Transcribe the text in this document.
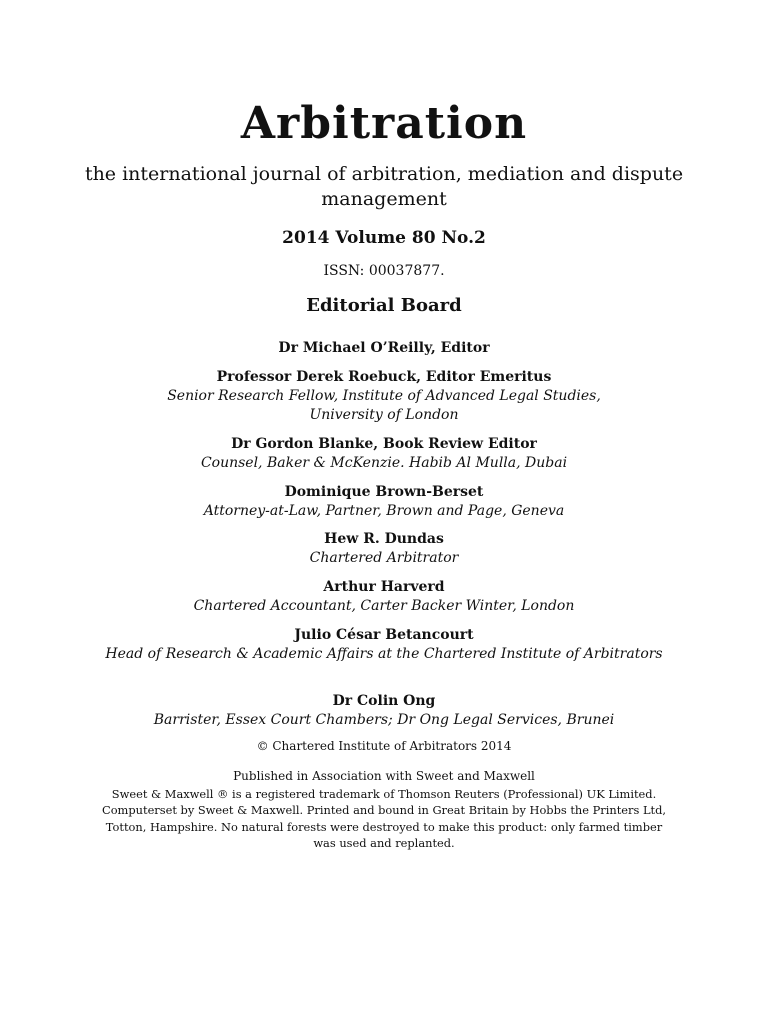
Arbitration
the international journal of arbitration, mediation and dispute management
2014 Volume 80 No.2
ISSN: 00037877.
Editorial Board
Dr Michael O’Reilly, Editor
Professor Derek Roebuck, Editor Emeritus
Senior Research Fellow, Institute of Advanced Legal Studies, University of London
Dr Gordon Blanke, Book Review Editor
Counsel, Baker & McKenzie. Habib Al Mulla, Dubai
Dominique Brown-Berset
Attorney-at-Law, Partner, Brown and Page, Geneva
Hew R. Dundas
Chartered Arbitrator
Arthur Harverd
Chartered Accountant, Carter Backer Winter, London
Julio César Betancourt
Head of Research & Academic Affairs at the Chartered Institute of Arbitrators
Dr Colin Ong
Barrister, Essex Court Chambers; Dr Ong Legal Services, Brunei
© Chartered Institute of Arbitrators 2014
Published in Association with Sweet and Maxwell
Sweet & Maxwell ® is a registered trademark of Thomson Reuters (Professional) UK Limited. Computerset by Sweet & Maxwell. Printed and bound in Great Britain by Hobbs the Printers Ltd, Totton, Hampshire. No natural forests were destroyed to make this product: only farmed timber was used and replanted.
